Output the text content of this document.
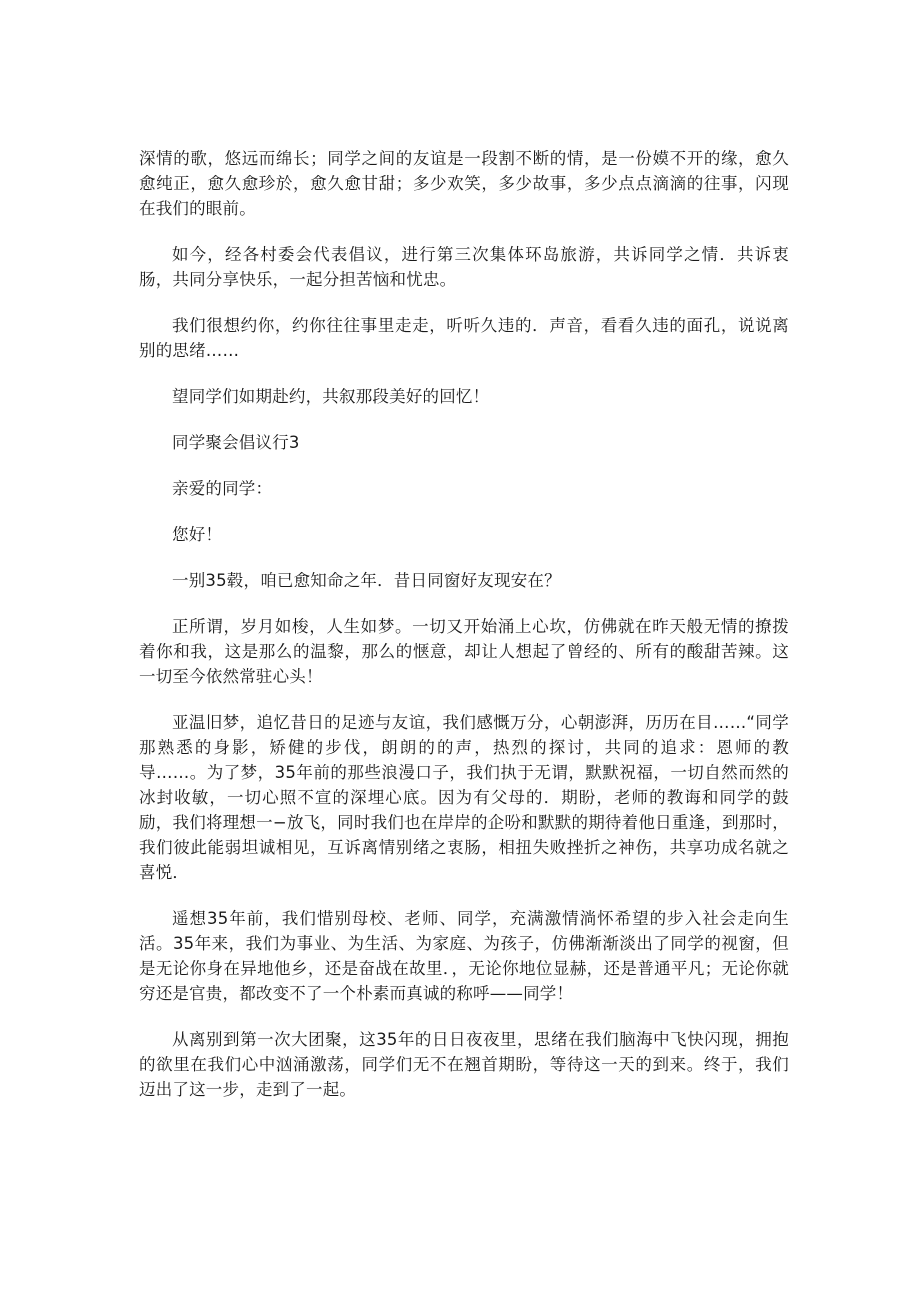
深情的歌，悠远而绵长；同学之间的友谊是一段割不断的情，是一份嫫不开的缘，愈久愈纯正，愈久愈珍於，愈久愈甘甜；多少欢笑，多少故事，多少点点滴滴的往事，闪现在我们的眼前。

如今，经各村委会代表倡议，进行第三次集体环岛旅游，共诉同学之情．共诉衷肠，共同分享快乐，一起分担苦恼和忧忠。

我们很想约你，约你往往事里走走，听听久违的．声音，看看久违的面孔，说说离别的思绪……

望同学们如期赴约，共叙那段美好的回忆！

同学聚会倡议行3

亲爱的同学：

您好！

一别35毂，咱已愈知命之年．昔日同窗好友现安在？

正所谓，岁月如梭，人生如梦。一切又开始涌上心坎，仿佛就在昨天般无情的撩拨着你和我，这是那么的温黎，那么的惬意，却让人想起了曾经的、所有的酸甜苦辣。这一切至今依然常驻心头！

亚温旧梦，追忆昔日的足迹与友谊，我们感慨万分，心朝澎湃，历历在目……“同学那熟悉的身影，矫健的步伐，朗朗的的声，热烈的探讨，共同的追求：恩师的教导……。为了梦，35年前的那些浪漫口子，我们执于无谓，默默祝福，一切自然而然的冰封收敏，一切心照不宣的深埋心底。因为有父母的．期盼，老师的教诲和同学的鼓励，我们将理想一−放飞，同时我们也在岸岸的企吩和默默的期待着他日重逢，到那时，我们彼此能弱坦诚相见，互诉离情别绪之衷肠，相扭失败挫折之神伤，共享功成名就之喜悦．

遥想35年前，我们惜别母校、老师、同学，充满激情淌怀希望的步入社会走向生活。35年来，我们为事业、为生活、为家庭、为孩子，仿佛渐渐淡出了同学的视窗，但是无论你身在异地他乡，还是奋战在故里．，无论你地位显赫，还是普通平凡；无论你就穷还是官贵，都改变不了一个朴素而真诚的称呼——同学！

从离别到第一次大团聚，这35年的日日夜夜里，思绪在我们脑海中飞快闪现，拥抱的欲里在我们心中汹涌激荡，同学们无不在翘首期盼，等待这一天的到来。终于，我们迈出了这一步，走到了一起。
